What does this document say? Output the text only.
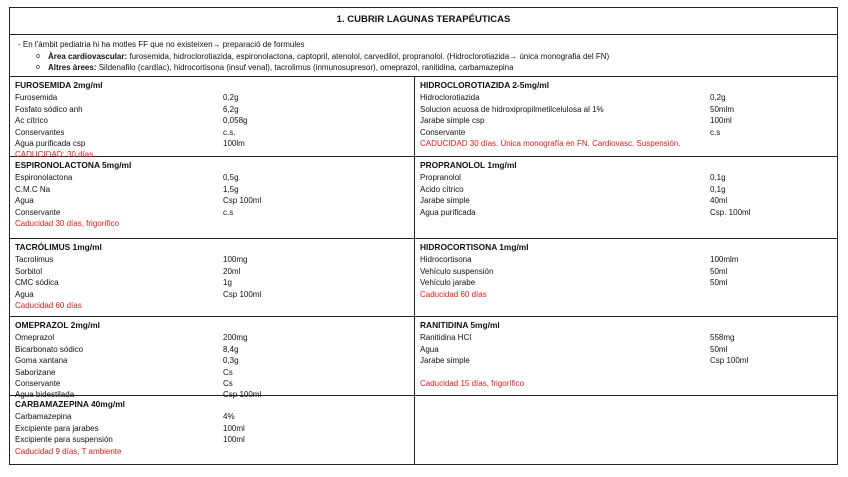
1. CUBRIR LAGUNAS TERAPÉUTICAS
- En l'àmbit pediatria hi ha motles FF que no existeixen→ preparació de formules
o Àrea cardiovascular: furosemida, hidroclorotiazida, espironolactona, captopril, atenolol, carvedilol, propranolol. (Hidroclorotiazida→ única monografia del FN)
o Altres àrees: Sildenafilo (cardíac), hidrocortisona (insuf venal), tacrolimus (inmunosupresor), omeprazol, ranitidina, carbamazepina
FUROSEMIDA 2mg/ml
Furosemida	0,2g
Fosfato sódico anh	6,2g
Ac cítrico	0,058g
Conservantes	c.s.
Agua purificada csp	100lm
CADUCIDAD: 30 días
HIDROCLOROTIAZIDA 2-5mg/ml
Hidroclorotiazida	0,2g
Solucion acuosa de hidroxipropilmetilcelulosa al 1%	50mlm
Jarabe simple csp	100ml
Conservante	c.s
CADUCIDAD 30 días. Única monografía en FN. Cardiovasc. Suspensión.
ESPIRONOLACTONA 5mg/ml
Espironolactona	0,5g
C.M.C Na	1,5g
Agua	Csp 100ml
Conservante	c.s
Caducidad 30 días, frigorífico
PROPRANOLOL 1mg/ml
Propranolol	0,1g
Acido cítrico	0,1g
Jarabe simple	40ml
Agua purificada	Csp. 100ml
TACRÓLIMUS 1mg/ml
Tacrolimus	100mg
Sorbitol	20ml
CMC sódica	1g
Agua	Csp 100ml
Caducidad 60 días
HIDROCORTISONA 1mg/ml
Hidrocortisona	100mlm
Vehículo suspensión	50ml
Vehículo jarabe	50ml
Caducidad 60 días
OMEPRAZOL 2mg/ml
Omeprazol	200mg
Bicarbonato sódico	8,4g
Goma xantana	0,3g
Saborizane	Cs
Conservante	Cs
Agua bidestilada	Csp 100ml
RANITIDINA 5mg/ml
Ranitidina HCl	558mg
Agua	50ml
Jarabe simple	Csp 100ml
Caducidad 15 días, frigorífico
CARBAMAZEPINA 40mg/ml
Carbamazepina	4%
Excipiente para jarabes	100ml
Excipiente para suspensión	100ml
Caducidad 9 días, T ambiente
